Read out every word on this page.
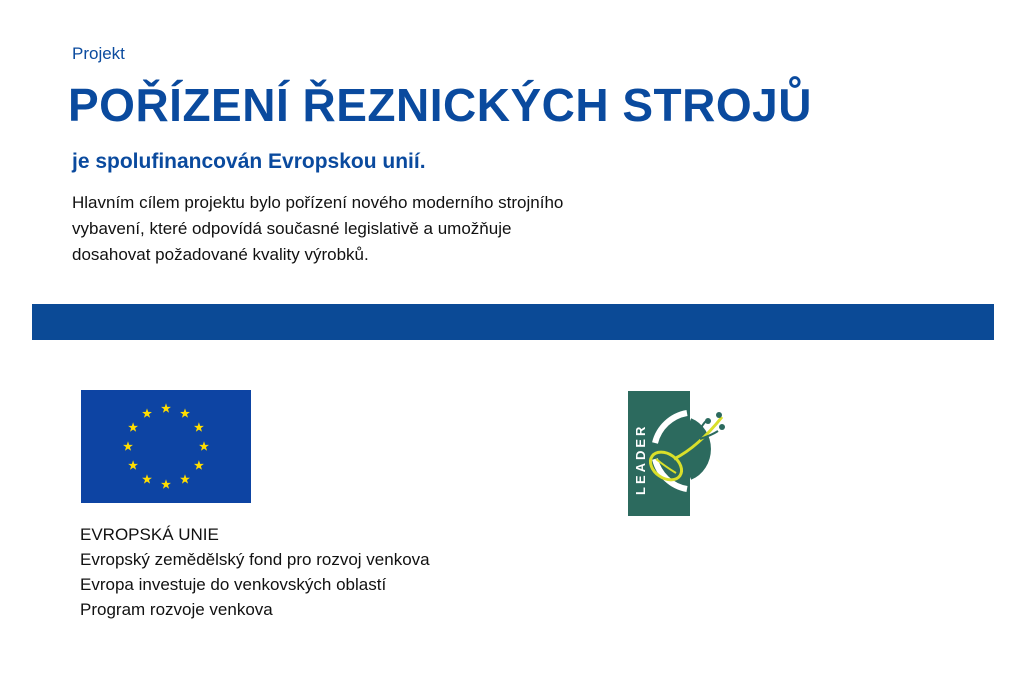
Projekt
POŘÍZENÍ ŘEZNICKÝCH STROJŮ
je spolufinancován Evropskou unií.
Hlavním cílem projektu bylo pořízení nového moderního strojního
vybavení, které odpovídá současné legislativě a umožňuje
dosahovat požadované kvality výrobků.
EVROPSKÁ UNIE
Evropský zemědělský fond pro rozvoj venkova
Evropa investuje do venkovských oblastí
Program rozvoje venkova
LEADER
